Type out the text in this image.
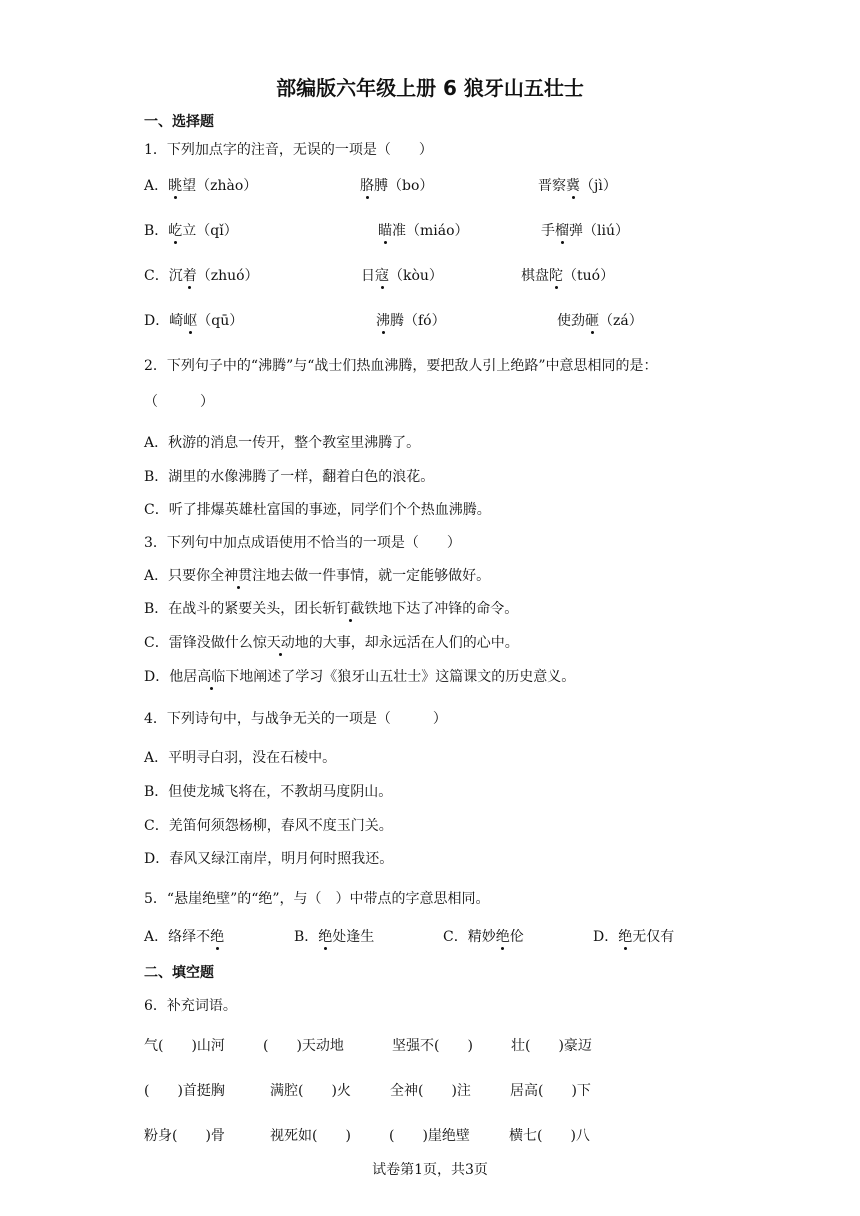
部编版六年级上册 6 狼牙山五壮士
一、选择题
1．下列加点字的注音，无误的一项是（　　）
A．眺望（zhào）	胳膊（bo）	晋察冀（jì）
B．屹立（qǐ）	瞄准（miáo）	手榴弹（liú）
C．沉着（zhuó）	日寇（kòu）	棋盘陀（tuó）
D．崎岖（qū）	沸腾（fó）	使劲砸（zá）
2．下列句子中的“沸腾”与“战士们热血沸腾，要把敌人引上绝路”中意思相同的是：
（　　　）
A．秋游的消息一传开，整个教室里沸腾了。
B．湖里的水像沸腾了一样，翻着白色的浪花。
C．听了排爆英雄杜富国的事迹，同学们个个热血沸腾。
3．下列句中加点成语使用不恰当的一项是（　　）
A．只要你全神贯注地去做一件事情，就一定能够做好。
B．在战斗的紧要关头，团长斩钉截铁地下达了冲锋的命令。
C．雷锋没做什么惊天动地的大事，却永远活在人们的心中。
D．他居高临下地阐述了学习《狼牙山五壮士》这篇课文的历史意义。
4．下列诗句中，与战争无关的一项是（　　　）
A．平明寻白羽，没在石棱中。
B．但使龙城飞将在，不教胡马度阴山。
C．羌笛何须怨杨柳，春风不度玉门关。
D．春风又绿江南岸，明月何时照我还。
5．“悬崖绝壁”的“绝”，与（　）中带点的字意思相同。
A．络绎不绝	B．绝处逢生	C．精妙绝伦	D．绝无仅有
二、填空题
6．补充词语。
气(　　)山河	(　　)天动地	坚强不(　　)	壮(　　)豪迈
(　　)首挺胸	满腔(　　)火	全神(　　)注	居高(　　)下
粉身(　　)骨	视死如(　　)	(　　)崖绝壁	横七(　　)八
试卷第1页，共3页
